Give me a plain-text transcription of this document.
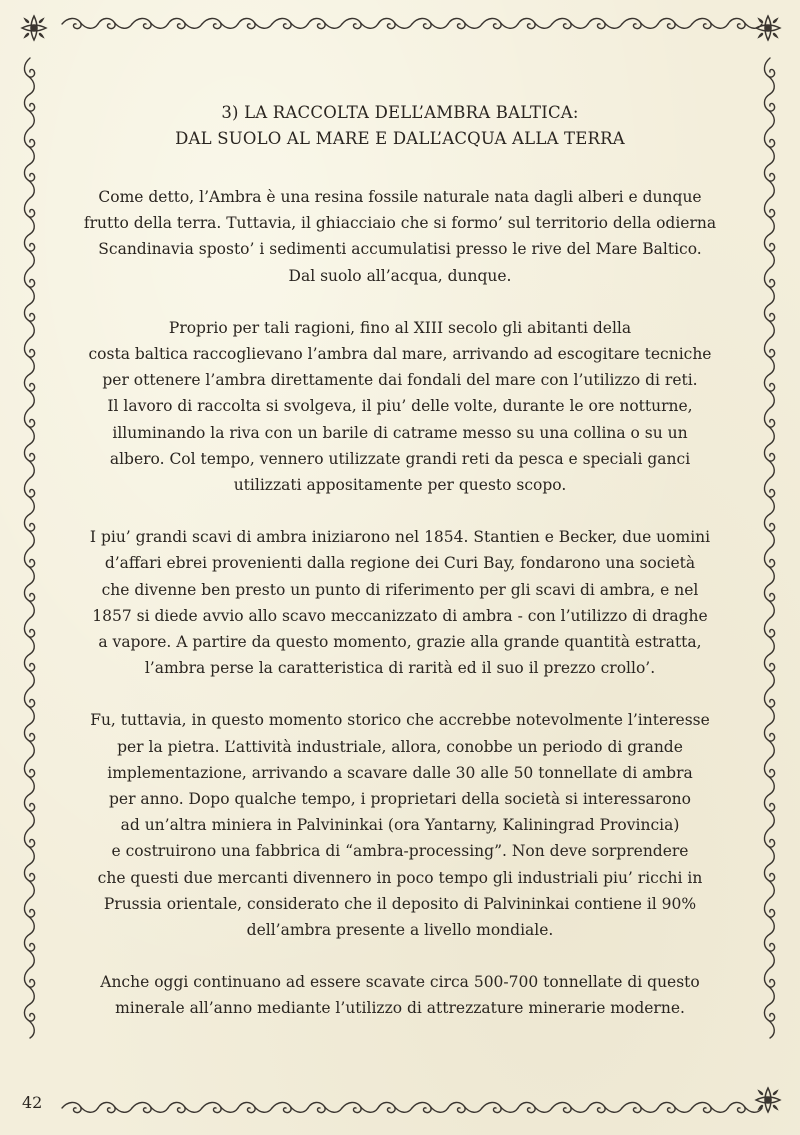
3) LA RACCOLTA DELL’AMBRA BALTICA:
DAL SUOLO AL MARE E DALL’ACQUA ALLA TERRA

Come detto, l’Ambra è una resina fossile naturale nata dagli alberi e dunque
frutto della terra. Tuttavia, il ghiacciaio che si formo’ sul territorio della odierna
Scandinavia sposto’ i sedimenti accumulatisi presso le rive del Mare Baltico.
Dal suolo all’acqua, dunque.

Proprio per tali ragioni, fino al XIII secolo gli abitanti della
costa baltica raccoglievano l’ambra dal mare, arrivando ad escogitare tecniche
per ottenere l’ambra direttamente dai fondali del mare con l’utilizzo di reti.
Il lavoro di raccolta si svolgeva, il piu’ delle volte, durante le ore notturne,
illuminando la riva con un barile di catrame messo su una collina o su un
albero. Col tempo, vennero utilizzate grandi reti da pesca e speciali ganci
utilizzati appositamente per questo scopo.

I piu’ grandi scavi di ambra iniziarono nel 1854. Stantien e Becker, due uomini
d’affari ebrei provenienti dalla regione dei Curi Bay, fondarono una società
che divenne ben presto un punto di riferimento per gli scavi di ambra, e nel
1857 si diede avvio allo scavo meccanizzato di ambra - con l’utilizzo di draghe
a vapore. A partire da questo momento, grazie alla grande quantità estratta,
l’ambra perse la caratteristica di rarità ed il suo il prezzo crollo’.

Fu, tuttavia, in questo momento storico che accrebbe notevolmente l’interesse
per la pietra. L’attività industriale, allora, conobbe un periodo di grande
implementazione, arrivando a scavare dalle 30 alle 50 tonnellate di ambra
per anno. Dopo qualche tempo, i proprietari della società si interessarono
ad un’altra miniera in Palvininkai (ora Yantarny, Kaliningrad Provincia)
e costruirono una fabbrica di “ambra-processing”. Non deve sorprendere
che questi due mercanti divennero in poco tempo gli industriali piu’ ricchi in
Prussia orientale, considerato che il deposito di Palvininkai contiene il 90%
dell’ambra presente a livello mondiale.

Anche oggi continuano ad essere scavate circa 500-700 tonnellate di questo
minerale all’anno mediante l’utilizzo di attrezzature minerarie moderne.

42
